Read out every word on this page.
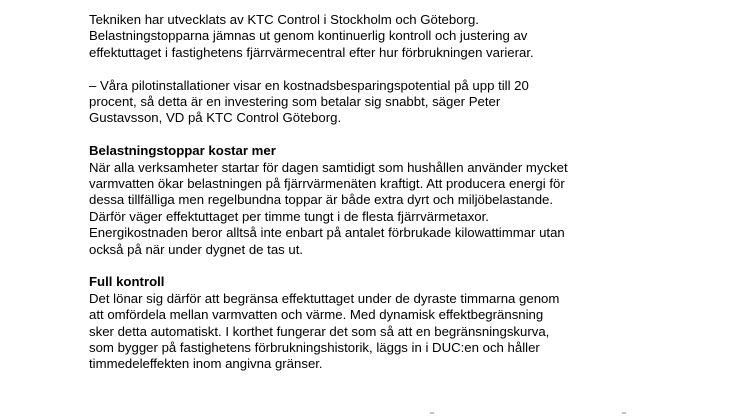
Tekniken har utvecklats av KTC Control i Stockholm och Göteborg.
Belastningstopparna jämnas ut genom kontinuerlig kontroll och justering av
effektuttaget i fastighetens fjärrvärmecentral efter hur förbrukningen varierar.
– Våra pilotinstallationer visar en kostnadsbesparingspotential på upp till 20
procent, så detta är en investering som betalar sig snabbt, säger Peter
Gustavsson, VD på KTC Control Göteborg.
Belastningstoppar kostar mer
När alla verksamheter startar för dagen samtidigt som hushållen använder mycket
varmvatten ökar belastningen på fjärrvärmenäten kraftigt. Att producera energi för
dessa tillfälliga men regelbundna toppar är både extra dyrt och miljöbelastande.
Därför väger effektuttaget per timme tungt i de flesta fjärrvärmetaxor.
Energikostnaden beror alltså inte enbart på antalet förbrukade kilowattimmar utan
också på när under dygnet de tas ut.
Full kontroll
Det lönar sig därför att begränsa effektuttaget under de dyraste timmarna genom
att omfördela mellan varmvatten och värme. Med dynamisk effektbegränsning
sker detta automatiskt. I korthet fungerar det som så att en begränsningskurva,
som bygger på fastighetens förbrukningshistorik, läggs in i DUC:en och håller
timmedeleffekten inom angivna gränser.
